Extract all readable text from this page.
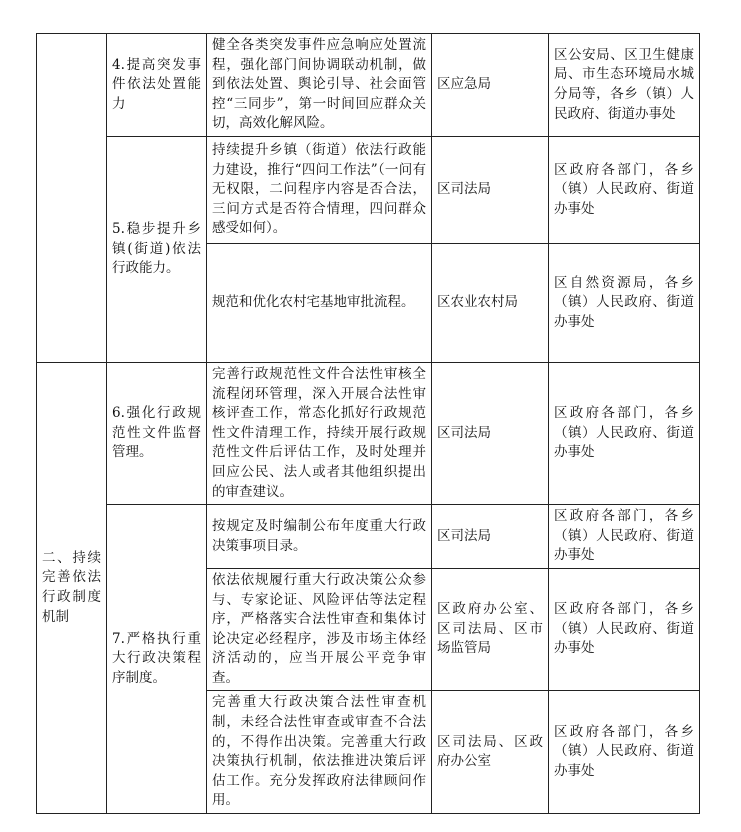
	4.提高突发事件依法处置能力	健全各类突发事件应急响应处置流程，强化部门间协调联动机制，做到依法处置、舆论引导、社会面管控“三同步”，第一时间回应群众关切，高效化解风险。	区应急局	区公安局、区卫生健康局、市生态环境局水城分局等，各乡（镇）人民政府、街道办事处
	5.稳步提升乡镇(街道)依法行政能力。	持续提升乡镇（街道）依法行政能力建设，推行“四问工作法”（一问有无权限，二问程序内容是否合法，三问方式是否符合情理，四问群众感受如何）。	区司法局	区政府各部门，各乡（镇）人民政府、街道办事处
		规范和优化农村宅基地审批流程。	区农业农村局	区自然资源局，各乡（镇）人民政府、街道办事处
二、持续完善依法行政制度机制	6.强化行政规范性文件监督管理。	完善行政规范性文件合法性审核全流程闭环管理，深入开展合法性审核评查工作，常态化抓好行政规范性文件清理工作，持续开展行政规范性文件后评估工作，及时处理并回应公民、法人或者其他组织提出的审查建议。	区司法局	区政府各部门，各乡（镇）人民政府、街道办事处
	7.严格执行重大行政决策程序制度。	按规定及时编制公布年度重大行政决策事项目录。	区司法局	区政府各部门，各乡（镇）人民政府、街道办事处
		依法依规履行重大行政决策公众参与、专家论证、风险评估等法定程序，严格落实合法性审查和集体讨论决定必经程序，涉及市场主体经济活动的，应当开展公平竞争审查。	区政府办公室、区司法局、区市场监管局	区政府各部门，各乡（镇）人民政府、街道办事处
		完善重大行政决策合法性审查机制，未经合法性审查或审查不合法的，不得作出决策。完善重大行政决策执行机制，依法推进决策后评估工作。充分发挥政府法律顾问作用。	区司法局、区政府办公室	区政府各部门，各乡（镇）人民政府、街道办事处
